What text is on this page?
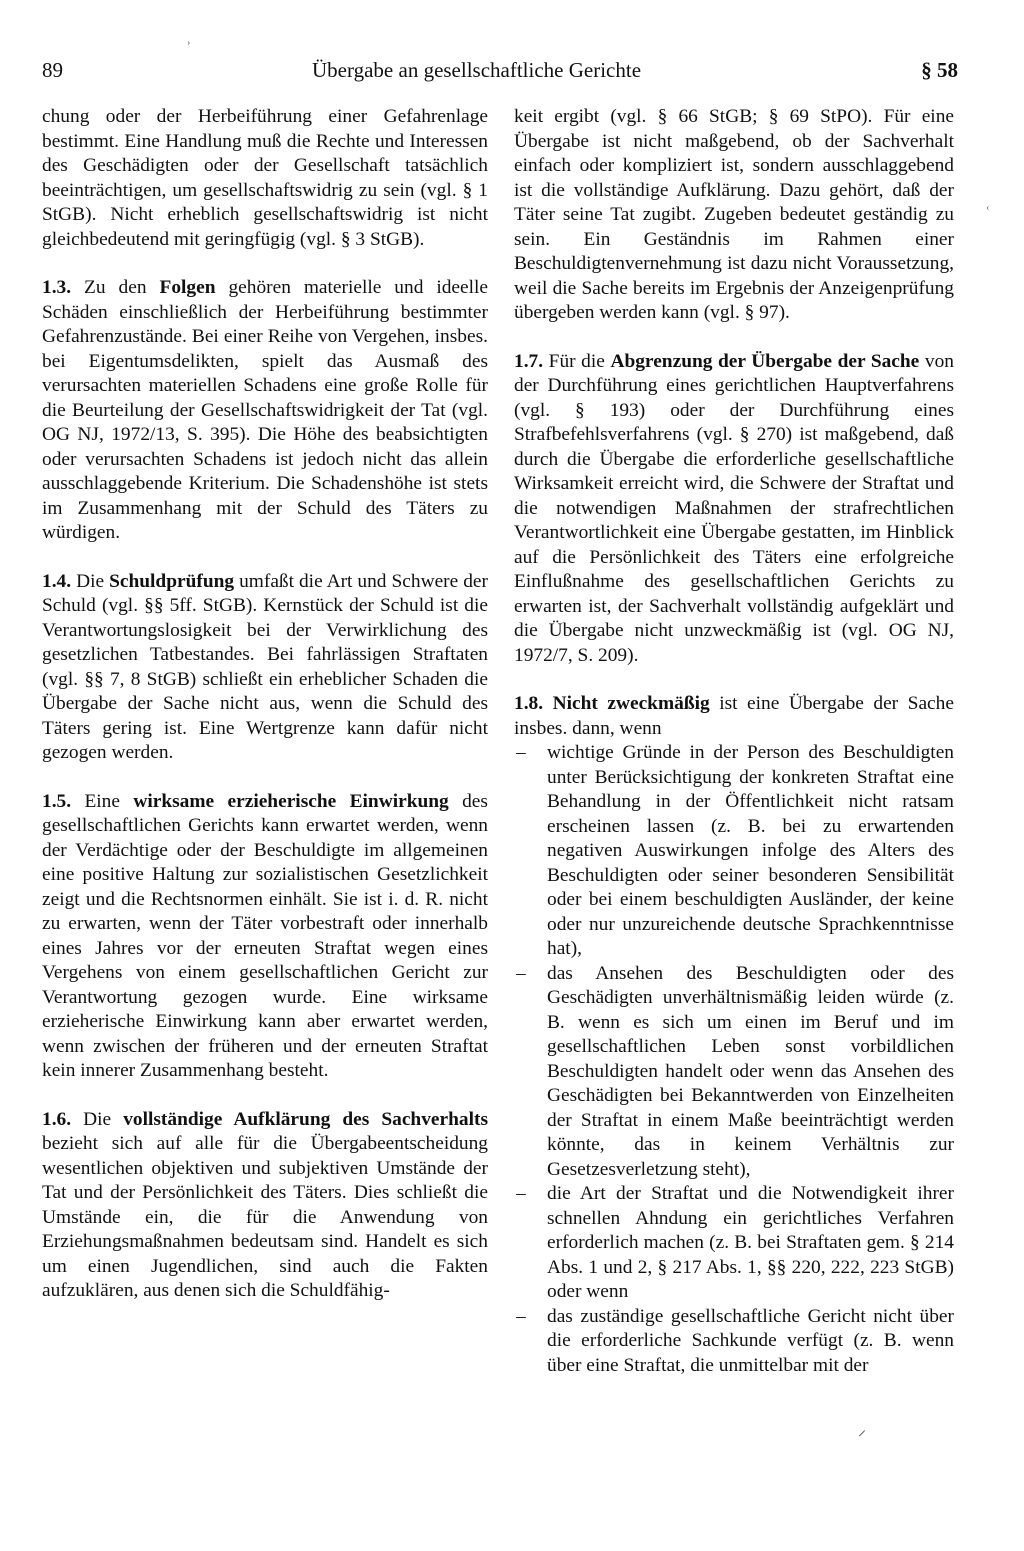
89	Übergabe an gesellschaftliche Gerichte	§ 58
ʾ
ʿ
⸝

chung oder der Herbeiführung einer Gefahrenlage bestimmt. Eine Handlung muß die Rechte und Interessen des Geschädigten oder der Gesellschaft tatsächlich beeinträchtigen, um gesellschaftswidrig zu sein (vgl. § 1 StGB). Nicht erheblich gesellschaftswidrig ist nicht gleichbedeutend mit geringfügig (vgl. § 3 StGB).

1.3. Zu den Folgen gehören materielle und ideelle Schäden einschließlich der Herbeiführung bestimmter Gefahrenzustände. Bei einer Reihe von Vergehen, insbes. bei Eigentumsdelikten, spielt das Ausmaß des verursachten materiellen Schadens eine große Rolle für die Beurteilung der Gesellschaftswidrigkeit der Tat (vgl. OG NJ, 1972/13, S. 395). Die Höhe des beabsichtigten oder verursachten Schadens ist jedoch nicht das allein ausschlaggebende Kriterium. Die Schadenshöhe ist stets im Zusammenhang mit der Schuld des Täters zu würdigen.

1.4. Die Schuldprüfung umfaßt die Art und Schwere der Schuld (vgl. §§ 5ff. StGB). Kernstück der Schuld ist die Verantwortungslosigkeit bei der Verwirklichung des gesetzlichen Tatbestandes. Bei fahrlässigen Straftaten (vgl. §§ 7, 8 StGB) schließt ein erheblicher Schaden die Übergabe der Sache nicht aus, wenn die Schuld des Täters gering ist. Eine Wertgrenze kann dafür nicht gezogen werden.

1.5. Eine wirksame erzieherische Einwirkung des gesellschaftlichen Gerichts kann erwartet werden, wenn der Verdächtige oder der Beschuldigte im allgemeinen eine positive Haltung zur sozialistischen Gesetzlichkeit zeigt und die Rechtsnormen einhält. Sie ist i. d. R. nicht zu erwarten, wenn der Täter vorbestraft oder innerhalb eines Jahres vor der erneuten Straftat wegen eines Vergehens von einem gesellschaftlichen Gericht zur Verantwortung gezogen wurde. Eine wirksame erzieherische Einwirkung kann aber erwartet werden, wenn zwischen der früheren und der erneuten Straftat kein innerer Zusammenhang besteht.

1.6. Die vollständige Aufklärung des Sachverhalts bezieht sich auf alle für die Übergabeentscheidung wesentlichen objektiven und subjektiven Umstände der Tat und der Persönlichkeit des Täters. Dies schließt die Umstände ein, die für die Anwendung von Erziehungsmaßnahmen bedeutsam sind. Handelt es sich um einen Jugendlichen, sind auch die Fakten aufzuklären, aus denen sich die Schuldfähig-

keit ergibt (vgl. § 66 StGB; § 69 StPO). Für eine Übergabe ist nicht maßgebend, ob der Sachverhalt einfach oder kompliziert ist, sondern ausschlaggebend ist die vollständige Aufklärung. Dazu gehört, daß der Täter seine Tat zugibt. Zugeben bedeutet geständig zu sein. Ein Geständnis im Rahmen einer Beschuldigtenvernehmung ist dazu nicht Voraussetzung, weil die Sache bereits im Ergebnis der Anzeigenprüfung übergeben werden kann (vgl. § 97).

1.7. Für die Abgrenzung der Übergabe der Sache von der Durchführung eines gerichtlichen Hauptverfahrens (vgl. § 193) oder der Durchführung eines Strafbefehlsverfahrens (vgl. § 270) ist maßgebend, daß durch die Übergabe die erforderliche gesellschaftliche Wirksamkeit erreicht wird, die Schwere der Straftat und die notwendigen Maßnahmen der strafrechtlichen Verantwortlichkeit eine Übergabe gestatten, im Hinblick auf die Persönlichkeit des Täters eine erfolgreiche Einflußnahme des gesellschaftlichen Gerichts zu erwarten ist, der Sachverhalt vollständig aufgeklärt und die Übergabe nicht unzweckmäßig ist (vgl. OG NJ, 1972/7, S. 209).

1.8. Nicht zweckmäßig ist eine Übergabe der Sache insbes. dann, wenn

– wichtige Gründe in der Person des Beschuldigten unter Berücksichtigung der konkreten Straftat eine Behandlung in der Öffentlichkeit nicht ratsam erscheinen lassen (z. B. bei zu erwartenden negativen Auswirkungen infolge des Alters des Beschuldigten oder seiner besonderen Sensibilität oder bei einem beschuldigten Ausländer, der keine oder nur unzureichende deutsche Sprachkenntnisse hat),
– das Ansehen des Beschuldigten oder des Geschädigten unverhältnismäßig leiden würde (z. B. wenn es sich um einen im Beruf und im gesellschaftlichen Leben sonst vorbildlichen Beschuldigten handelt oder wenn das Ansehen des Geschädigten bei Bekanntwerden von Einzelheiten der Straftat in einem Maße beeinträchtigt werden könnte, das in keinem Verhältnis zur Gesetzesverletzung steht),
– die Art der Straftat und die Notwendigkeit ihrer schnellen Ahndung ein gerichtliches Verfahren erforderlich machen (z. B. bei Straftaten gem. § 214 Abs. 1 und 2, § 217 Abs. 1, §§ 220, 222, 223 StGB) oder wenn
– das zuständige gesellschaftliche Gericht nicht über die erforderliche Sachkunde verfügt (z. B. wenn über eine Straftat, die unmittelbar mit der
